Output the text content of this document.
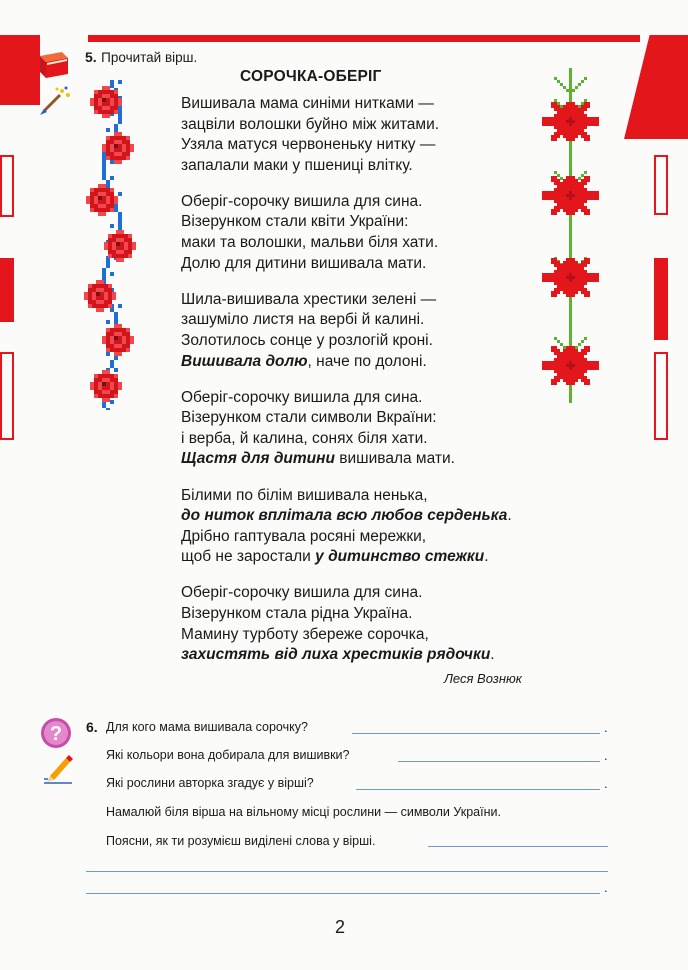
5. Прочитай вірш.
СОРОЧКА-ОБЕРІГ
Вишивала мама синіми нитками —
зацвіли волошки буйно між житами.
Узяла матуся червоненьку нитку —
запалали маки у пшениці влітку.
Оберіг-сорочку вишила для сина.
Візерунком стали квіти України:
маки та волошки, мальви біля хати.
Долю для дитини вишивала мати.
Шила-вишивала хрестики зелені —
зашуміло листя на вербі й калині.
Золотилось сонце у розлогій кроні.
Вишивала долю, наче по долоні.
Оберіг-сорочку вишила для сина.
Візерунком стали символи Вкраїни:
і верба, й калина, сонях біля хати.
Щастя для дитини вишивала мати.
Білими по білім вишивала ненька,
до ниток вплітала всю любов серденька.
Дрібно гаптувала росяні мережки,
щоб не заростали у дитинство стежки.
Оберіг-сорочку вишила для сина.
Візерунком стала рідна Україна.
Мамину турботу збереже сорочка,
захистять від лиха хрестиків рядочки.
Леся Вознюк
? 6. Для кого мама вишивала сорочку?	.
Які кольори вона добирала для вишивки?	.
Які рослини авторка згадує у вірші?	.
Намалюй біля вірша на вільному місці рослини — символи України.
Поясни, як ти розумієш виділені слова у вірші.
.
2
